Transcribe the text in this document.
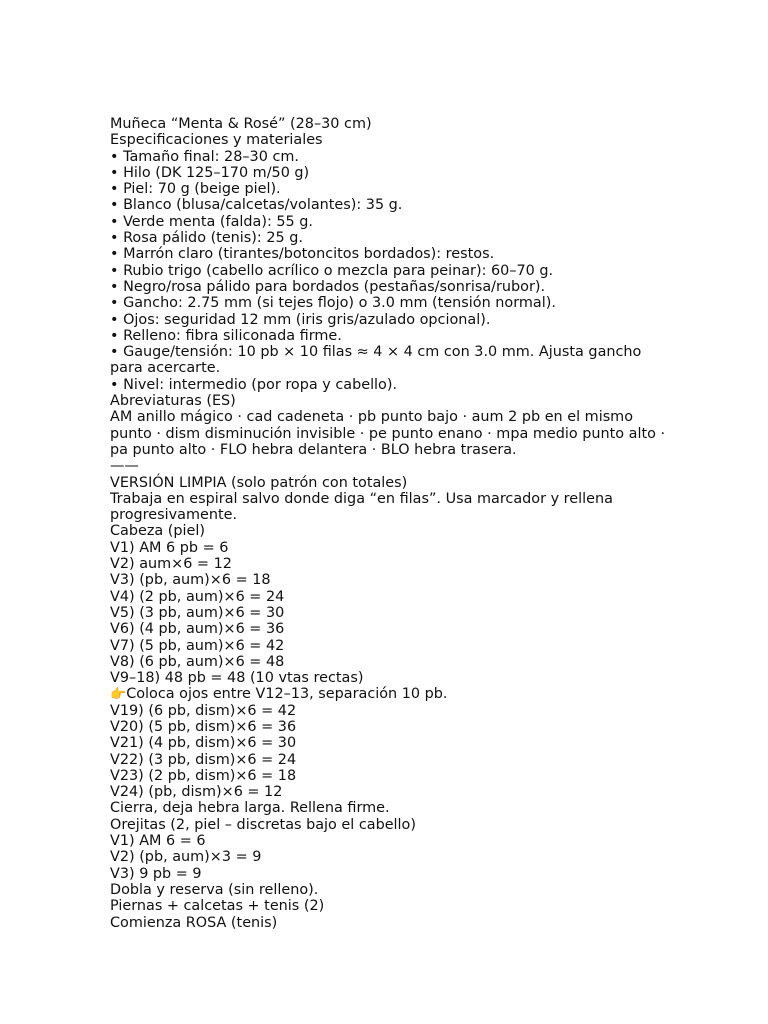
Muñeca “Menta & Rosé” (28–30 cm)

Especificaciones y materiales

• Tamaño final: 28–30 cm.

• Hilo (DK 125–170 m/50 g)

• Piel: 70 g (beige piel).

• Blanco (blusa/calcetas/volantes): 35 g.

• Verde menta (falda): 55 g.

• Rosa pálido (tenis): 25 g.

• Marrón claro (tirantes/botoncitos bordados): restos.

• Rubio trigo (cabello acrílico o mezcla para peinar): 60–70 g.

• Negro/rosa pálido para bordados (pestañas/sonrisa/rubor).

• Gancho: 2.75 mm (si tejes flojo) o 3.0 mm (tensión normal).

• Ojos: seguridad 12 mm (iris gris/azulado opcional).

• Relleno: fibra siliconada firme.

• Gauge/tensión: 10 pb × 10 filas ≈ 4 × 4 cm con 3.0 mm. Ajusta gancho para acercarte.

• Nivel: intermedio (por ropa y cabello).

Abreviaturas (ES)

AM anillo mágico · cad cadeneta · pb punto bajo · aum 2 pb en el mismo punto · dism disminución invisible · pe punto enano · mpa medio punto alto · pa punto alto · FLO hebra delantera · BLO hebra trasera.

——

VERSIÓN LIMPIA (solo patrón con totales)

Trabaja en espiral salvo donde diga “en filas”. Usa marcador y rellena progresivamente.

Cabeza (piel)

V1) AM 6 pb = 6

V2) aum×6 = 12

V3) (pb, aum)×6 = 18

V4) (2 pb, aum)×6 = 24

V5) (3 pb, aum)×6 = 30

V6) (4 pb, aum)×6 = 36

V7) (5 pb, aum)×6 = 42

V8) (6 pb, aum)×6 = 48

V9–18) 48 pb = 48 (10 vtas rectas)

👉Coloca ojos entre V12–13, separación 10 pb.

V19) (6 pb, dism)×6 = 42

V20) (5 pb, dism)×6 = 36

V21) (4 pb, dism)×6 = 30

V22) (3 pb, dism)×6 = 24

V23) (2 pb, dism)×6 = 18

V24) (pb, dism)×6 = 12

Cierra, deja hebra larga. Rellena firme.

Orejitas (2, piel – discretas bajo el cabello)

V1) AM 6 = 6

V2) (pb, aum)×3 = 9

V3) 9 pb = 9

Dobla y reserva (sin relleno).

Piernas + calcetas + tenis (2)

Comienza ROSA (tenis)
